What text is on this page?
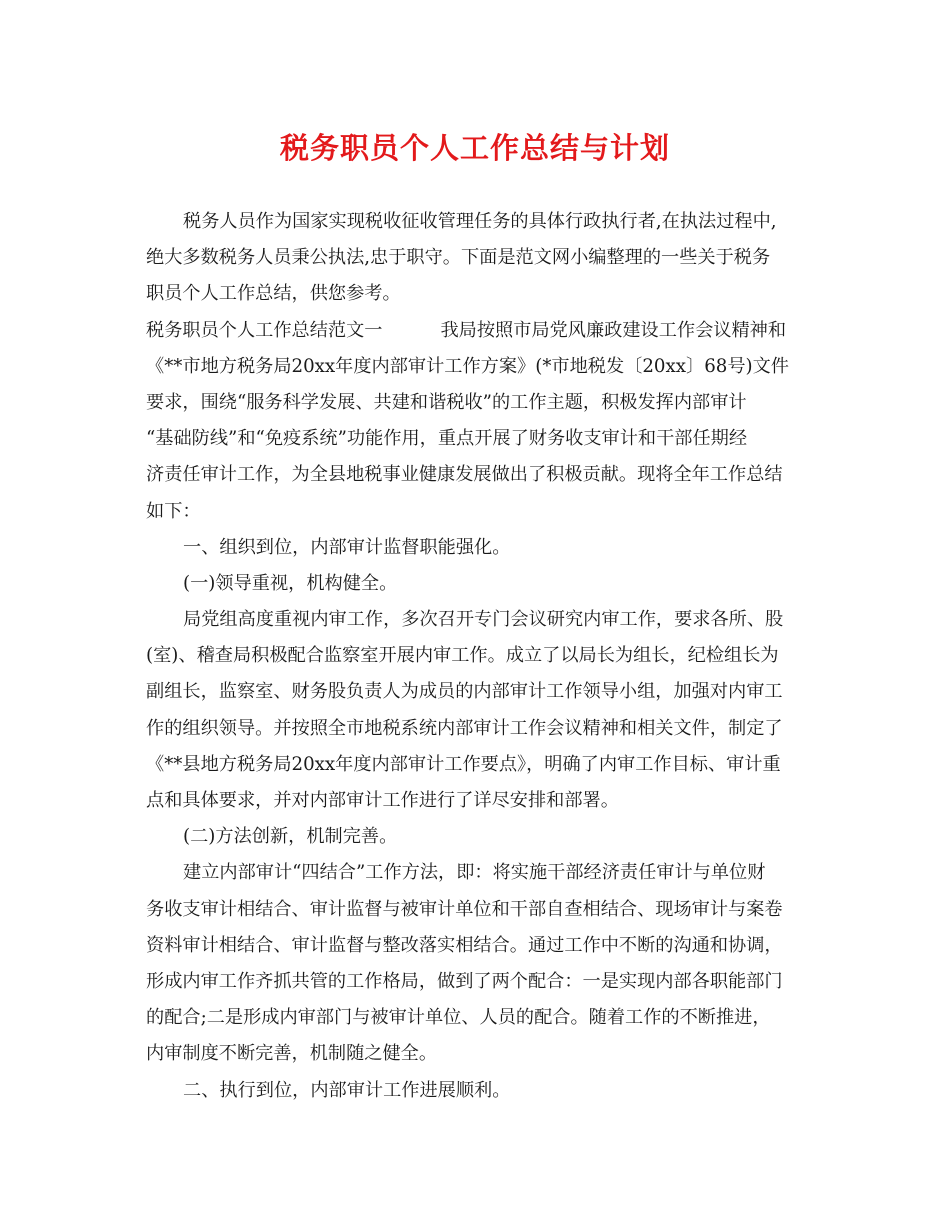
税务职员个人工作总结与计划
税务人员作为国家实现税收征收管理任务的具体行政执行者,在执法过程中,
绝大多数税务人员秉公执法,忠于职守。下面是范文网小编整理的一些关于税务
职员个人工作总结，供您参考。
税务职员个人工作总结范文一	我局按照市局党风廉政建设工作会议精神和
《**市地方税务局20xx年度内部审计工作方案》(*市地税发〔20xx〕68号)文件
要求，围绕“服务科学发展、共建和谐税收”的工作主题，积极发挥内部审计
“基础防线”和“免疫系统”功能作用，重点开展了财务收支审计和干部任期经
济责任审计工作，为全县地税事业健康发展做出了积极贡献。现将全年工作总结
如下：
一、组织到位，内部审计监督职能强化。
(一)领导重视，机构健全。
局党组高度重视内审工作，多次召开专门会议研究内审工作，要求各所、股
(室)、稽查局积极配合监察室开展内审工作。成立了以局长为组长，纪检组长为
副组长，监察室、财务股负责人为成员的内部审计工作领导小组，加强对内审工
作的组织领导。并按照全市地税系统内部审计工作会议精神和相关文件，制定了
《**县地方税务局20xx年度内部审计工作要点》，明确了内审工作目标、审计重
点和具体要求，并对内部审计工作进行了详尽安排和部署。
(二)方法创新，机制完善。
建立内部审计“四结合”工作方法，即：将实施干部经济责任审计与单位财
务收支审计相结合、审计监督与被审计单位和干部自查相结合、现场审计与案卷
资料审计相结合、审计监督与整改落实相结合。通过工作中不断的沟通和协调，
形成内审工作齐抓共管的工作格局，做到了两个配合：一是实现内部各职能部门
的配合;二是形成内审部门与被审计单位、人员的配合。随着工作的不断推进，
内审制度不断完善，机制随之健全。
二、执行到位，内部审计工作进展顺利。
